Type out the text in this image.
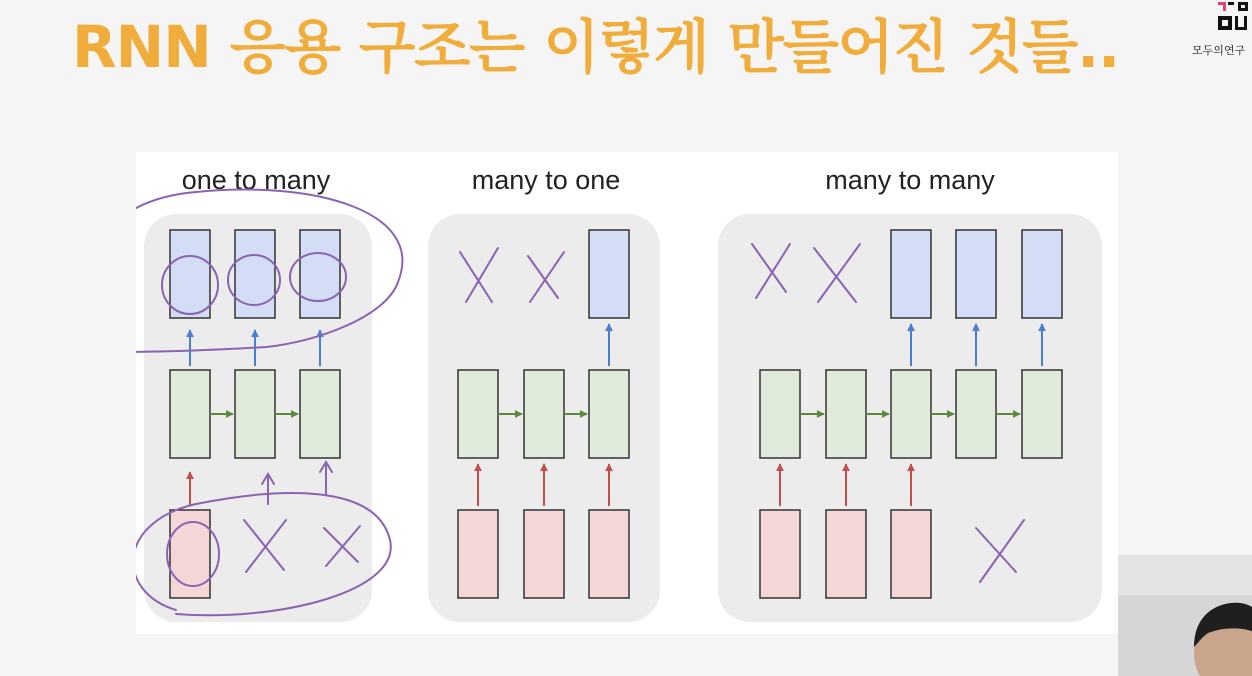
RNN 응용 구조는 이렇게 만들어진 것들..	모두의연구
one to many	many to one	many to many
